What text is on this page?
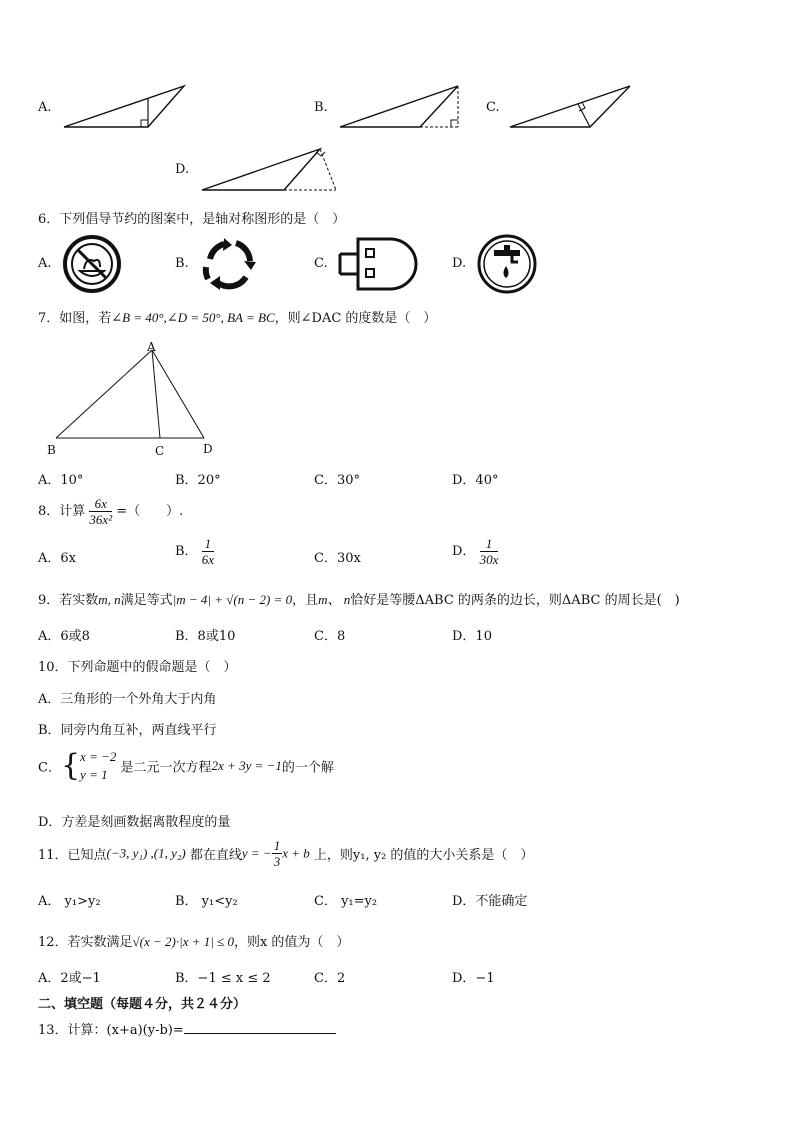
A.	B.	C.
D.
6．下列倡导节约的图案中，是轴对称图形的是（　）
A.	B.	C.	D.
7．如图，若∠B = 40°,∠D = 50°, BA = BC，则∠DAC 的度数是（　）
A
B	C	D
A．10°	B．20°	C．30°	D．40°
8．计算 $\frac{6x}{\text{36x²}}$ =（　　）.
A．6x	B． $\frac{1}{6x}$	C．30x	D． $\frac{1}{30x}$
9．若实数m, n满足等式|m − 4| + √(n − 2) = 0，且m、 n恰好是等腰ΔABC 的两条的边长，则ΔABC 的周长是(　)
A．6或8	B．8或10	C．8	D．10
10．下列命题中的假命题是（　）
A．三角形的一个外角大于内角
B．同旁内角互补，两直线平行
C．{ x = −2
y = 1 是二元一次方程2x + 3y = −1的一个解
D．方差是刻画数据离散程度的量
11．已知点(−3, y₁) ,(1, y₂) 都在直线y = − $\frac{1}{3}$ x + b 上，则y₁, y₂ 的值的大小关系是（　）
A． y₁>y₂	B． y₁<y₂	C． y₁=y₂	D．不能确定
12．若实数满足√(x − 2)·|x + 1| ≤ 0，则x 的值为（　）
A．2或−1	B．−1 ≤ x ≤ 2	C．2	D．−1
二、填空题（每题４分，共２４分）
13．计算：(x+a)(y-b)=
